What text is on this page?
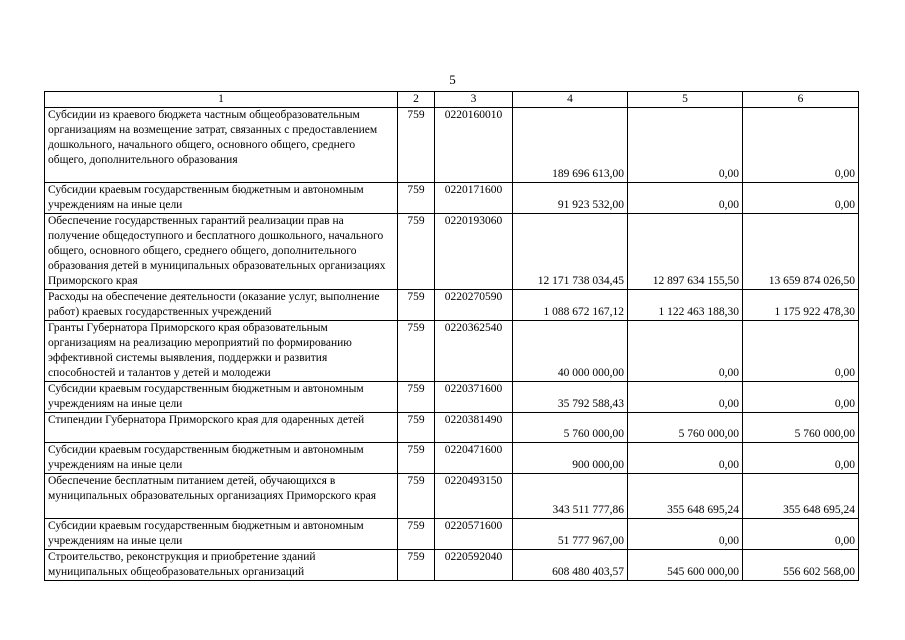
5
1	2	3	4	5	6
Субсидии из краевого бюджета частным общеобразовательным организациям на возмещение затрат, связанных с предоставлением дошкольного, начального общего, основного общего, среднего общего, дополнительного образования	759	0220160010	189 696 613,00	0,00	0,00
Субсидии краевым государственным бюджетным и автономным учреждениям на иные цели	759	0220171600	91 923 532,00	0,00	0,00
Обеспечение государственных гарантий реализации прав на получение общедоступного и бесплатного дошкольного, начального общего, основного общего, среднего общего, дополнительного образования детей в муниципальных образовательных организациях Приморского края	759	0220193060	12 171 738 034,45	12 897 634 155,50	13 659 874 026,50
Расходы на обеспечение деятельности (оказание услуг, выполнение работ) краевых государственных учреждений	759	0220270590	1 088 672 167,12	1 122 463 188,30	1 175 922 478,30
Гранты Губернатора Приморского края образовательным организациям на реализацию мероприятий по формированию эффективной системы выявления, поддержки и развития способностей и талантов у детей и молодежи	759	0220362540	40 000 000,00	0,00	0,00
Субсидии краевым государственным бюджетным и автономным учреждениям на иные цели	759	0220371600	35 792 588,43	0,00	0,00
Стипендии Губернатора Приморского края для одаренных детей	759	0220381490	5 760 000,00	5 760 000,00	5 760 000,00
Субсидии краевым государственным бюджетным и автономным учреждениям на иные цели	759	0220471600	900 000,00	0,00	0,00
Обеспечение бесплатным питанием детей, обучающихся в муниципальных образовательных организациях Приморского края	759	0220493150	343 511 777,86	355 648 695,24	355 648 695,24
Субсидии краевым государственным бюджетным и автономным учреждениям на иные цели	759	0220571600	51 777 967,00	0,00	0,00
Строительство, реконструкция и приобретение зданий муниципальных общеобразовательных организаций	759	0220592040	608 480 403,57	545 600 000,00	556 602 568,00
